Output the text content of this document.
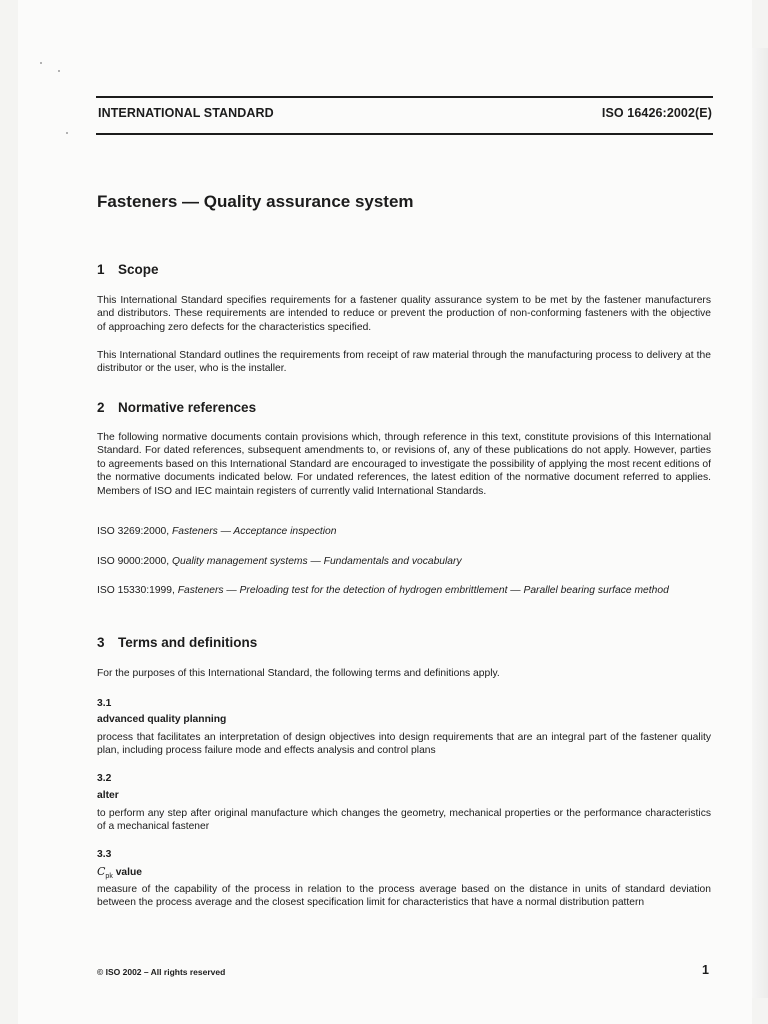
INTERNATIONAL STANDARD	ISO 16426:2002(E)
Fasteners — Quality assurance system
1 Scope

This International Standard specifies requirements for a fastener quality assurance system to be met by the fastener manufacturers and distributors. These requirements are intended to reduce or prevent the production of non-conforming fasteners with the objective of approaching zero defects for the characteristics specified.

This International Standard outlines the requirements from receipt of raw material through the manufacturing process to delivery at the distributor or the user, who is the installer.

2 Normative references

The following normative documents contain provisions which, through reference in this text, constitute provisions of this International Standard. For dated references, subsequent amendments to, or revisions of, any of these publications do not apply. However, parties to agreements based on this International Standard are encouraged to investigate the possibility of applying the most recent editions of the normative documents indicated below. For undated references, the latest edition of the normative document referred to applies. Members of ISO and IEC maintain registers of currently valid International Standards.

ISO 3269:2000, Fasteners — Acceptance inspection

ISO 9000:2000, Quality management systems — Fundamentals and vocabulary

ISO 15330:1999, Fasteners — Preloading test for the detection of hydrogen embrittlement — Parallel bearing surface method

3 Terms and definitions

For the purposes of this International Standard, the following terms and definitions apply.

3.1

advanced quality planning

process that facilitates an interpretation of design objectives into design requirements that are an integral part of the fastener quality plan, including process failure mode and effects analysis and control plans

3.2

alter

to perform any step after original manufacture which changes the geometry, mechanical properties or the performance characteristics of a mechanical fastener

3.3

$C_{pk}$ value

measure of the capability of the process in relation to the process average based on the distance in units of standard deviation between the process average and the closest specification limit for characteristics that have a normal distribution pattern

© ISO 2002 – All rights reserved	1
